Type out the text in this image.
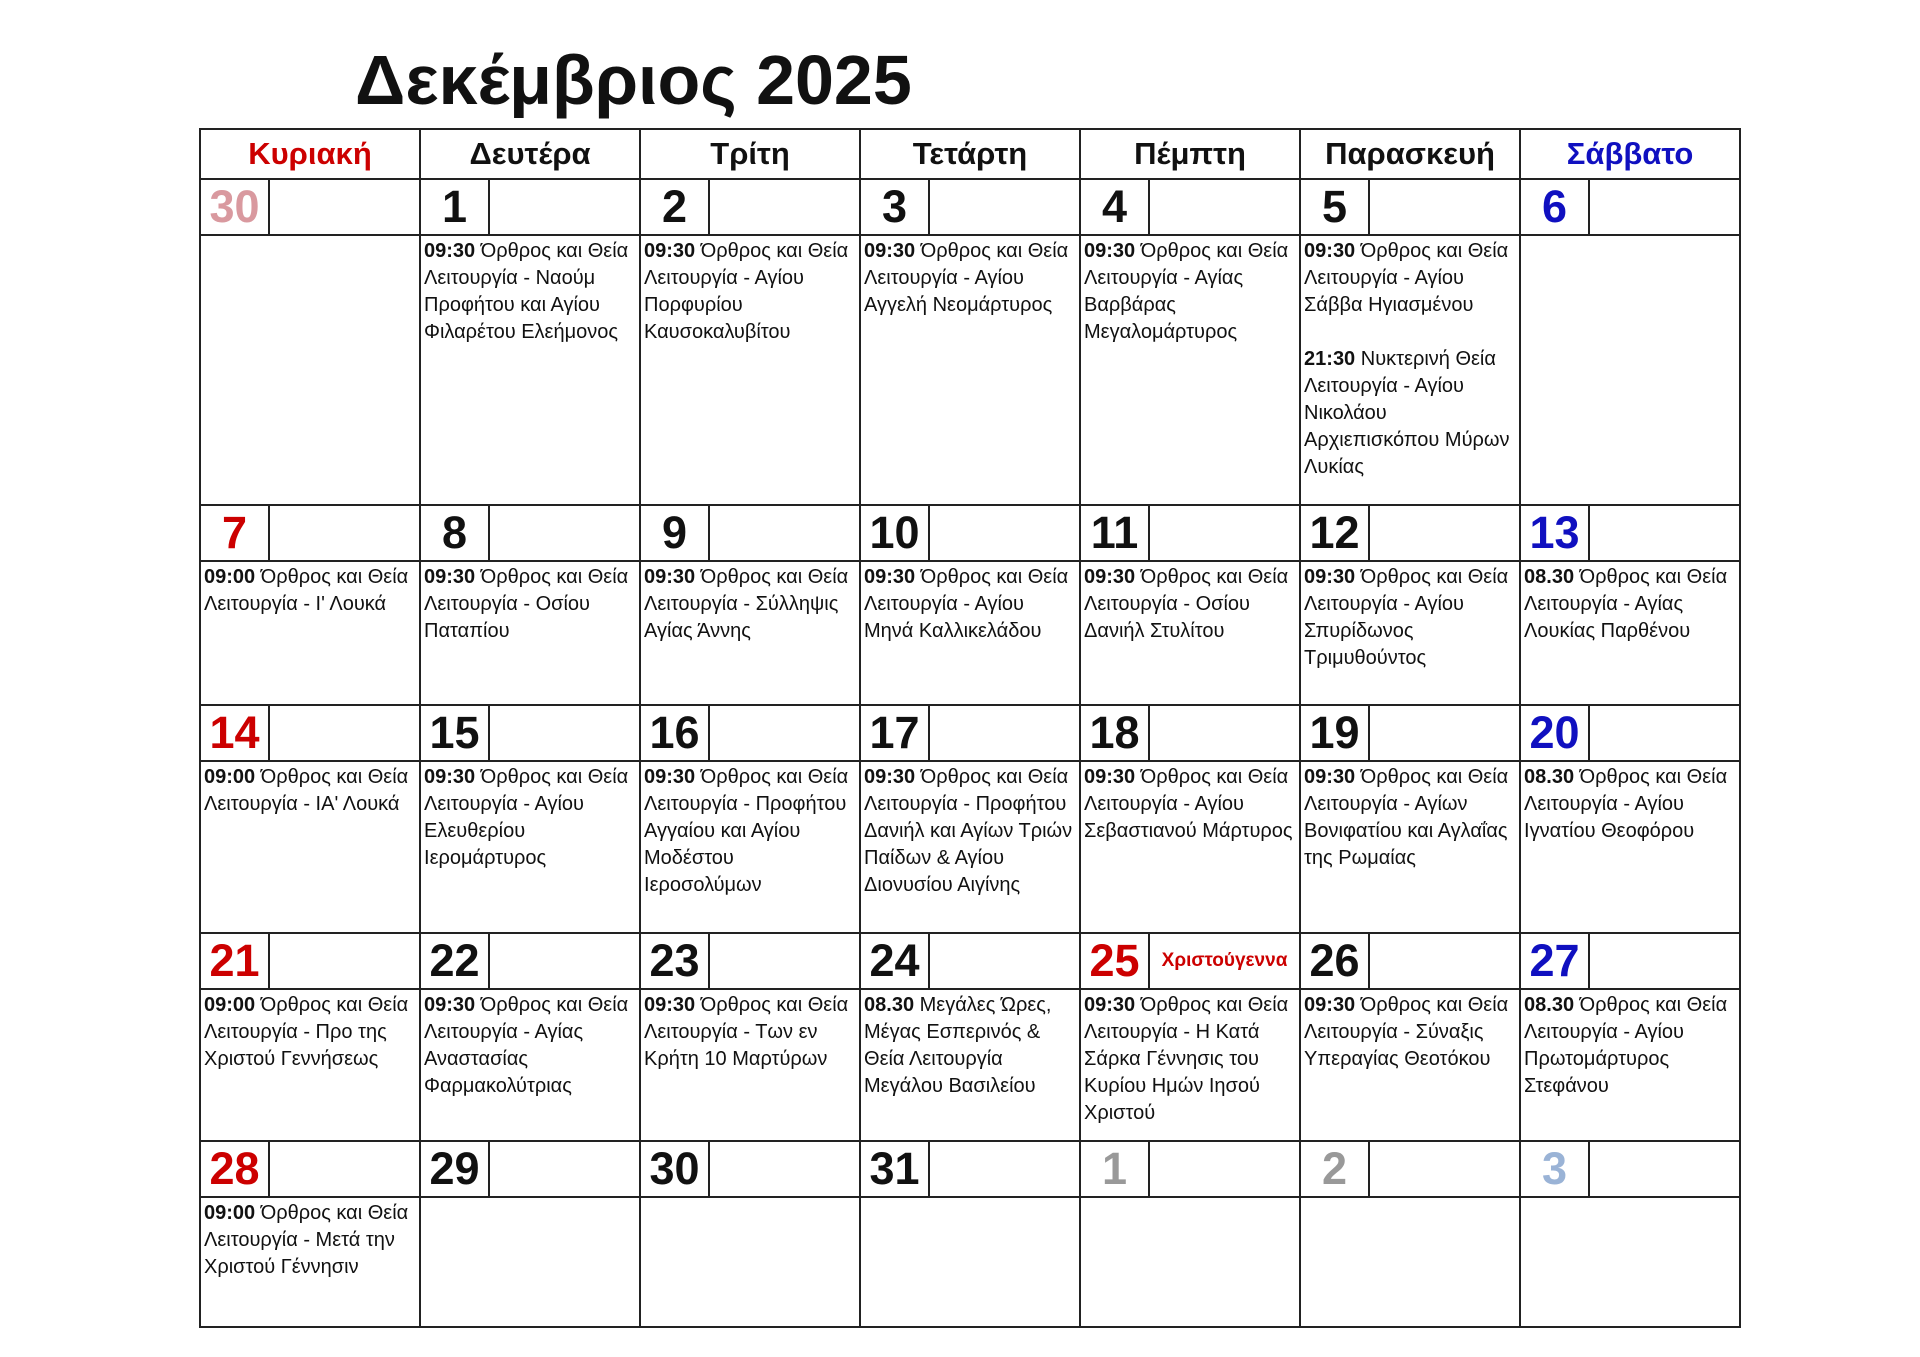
Δεκέμβριος 2025
Κυριακή		Δευτέρα		Τρίτη		Τετάρτη		Πέμπτη		Παρασκευή		Σάββατο	
30		1		2		3		4		5		6	

		09:30 Όρθρος και Θεία Λειτουργία - Ναούμ Προφήτου και Αγίου Φιλαρέτου Ελεήμονος		09:30 Όρθρος και Θεία Λειτουργία - Αγίου Πορφυρίου Καυσοκαλυβίτου		09:30 Όρθρος και Θεία Λειτουργία - Αγίου Αγγελή Νεομάρτυρος		09:30 Όρθρος και Θεία Λειτουργία - Αγίας Βαρβάρας Μεγαλομάρτυρος		09:30 Όρθρος και Θεία Λειτουργία - Αγίου Σάββα Ηγιασμένου

21:30 Νυκτερινή Θεία Λειτουργία - Αγίου Νικολάου Αρχιεπισκόπου Μύρων Λυκίας			

7		8		9		10		11		12		13	

09:00 Όρθρος και Θεία Λειτουργία - Ι' Λουκά		09:30 Όρθρος και Θεία Λειτουργία - Οσίου Παταπίου		09:30 Όρθρος και Θεία Λειτουργία - Σύλληψις Αγίας Άννης		09:30 Όρθρος και Θεία Λειτουργία - Αγίου Μηνά Καλλικελάδου		09:30 Όρθρος και Θεία Λειτουργία - Οσίου Δανιήλ Στυλίτου		09:30 Όρθρος και Θεία Λειτουργία - Αγίου Σπυρίδωνος Τριμυθούντος		08.30 Όρθρος και Θεία Λειτουργία - Αγίας Λουκίας Παρθένου	

14		15		16		17		18		19		20	

09:00 Όρθρος και Θεία Λειτουργία - ΙΑ' Λουκά		09:30 Όρθρος και Θεία Λειτουργία - Αγίου Ελευθερίου Ιερομάρτυρος		09:30 Όρθρος και Θεία Λειτουργία - Προφήτου Αγγαίου και Αγίου Μοδέστου Ιεροσολύμων		09:30 Όρθρος και Θεία Λειτουργία - Προφήτου Δανιήλ και Αγίων Τριών Παίδων & Αγίου Διονυσίου Αιγίνης		09:30 Όρθρος και Θεία Λειτουργία - Αγίου Σεβαστιανού Μάρτυρος		09:30 Όρθρος και Θεία Λειτουργία - Αγίων Βονιφατίου και Αγλαΐας της Ρωμαίας		08.30 Όρθρος και Θεία Λειτουργία - Αγίου Ιγνατίου Θεοφόρου	

21		22		23		24		25	Χριστούγεννα	26		27	

09:00 Όρθρος και Θεία Λειτουργία - Προ της Χριστού Γεννήσεως		09:30 Όρθρος και Θεία Λειτουργία - Αγίας Αναστασίας Φαρμακολύτριας		09:30 Όρθρος και Θεία Λειτουργία - Των εν Κρήτη 10 Μαρτύρων		08.30 Μεγάλες Ώρες, Μέγας Εσπερινός & Θεία Λειτουργία Μεγάλου Βασιλείου		09:30 Όρθρος και Θεία Λειτουργία - Η Κατά Σάρκα Γέννησις του Κυρίου Ημών Ιησού Χριστού		09:30 Όρθρος και Θεία Λειτουργία - Σύναξις Υπεραγίας Θεοτόκου		08.30 Όρθρος και Θεία Λειτουργία - Αγίου Πρωτομάρτυρος Στεφάνου	

28		29		30		31		1		2		3	

09:00 Όρθρος και Θεία Λειτουργία - Μετά την Χριστού Γέννησιν													
